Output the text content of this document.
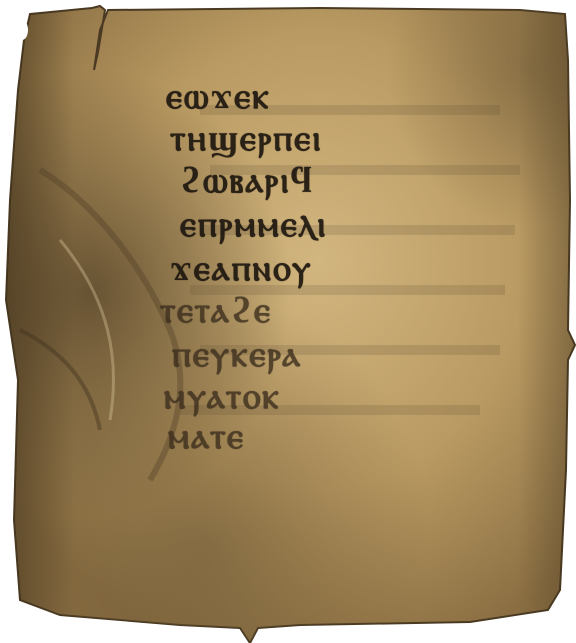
ⲉⲱϫⲉⲕ
ⲧⲏϣⲉⲣⲡⲉⲓ
ϩⲱⲃⲁⲣⲓϥ
ⲉⲡⲣⲙⲙⲉⲗⲓ
ϫⲉⲁⲡⲛⲟⲩ
ⲧⲉⲧⲁϩⲉ
ⲡⲉⲩⲕⲉⲣⲁ
ⲙⲩⲁⲧⲟⲕ
ⲙⲁⲧⲉ
